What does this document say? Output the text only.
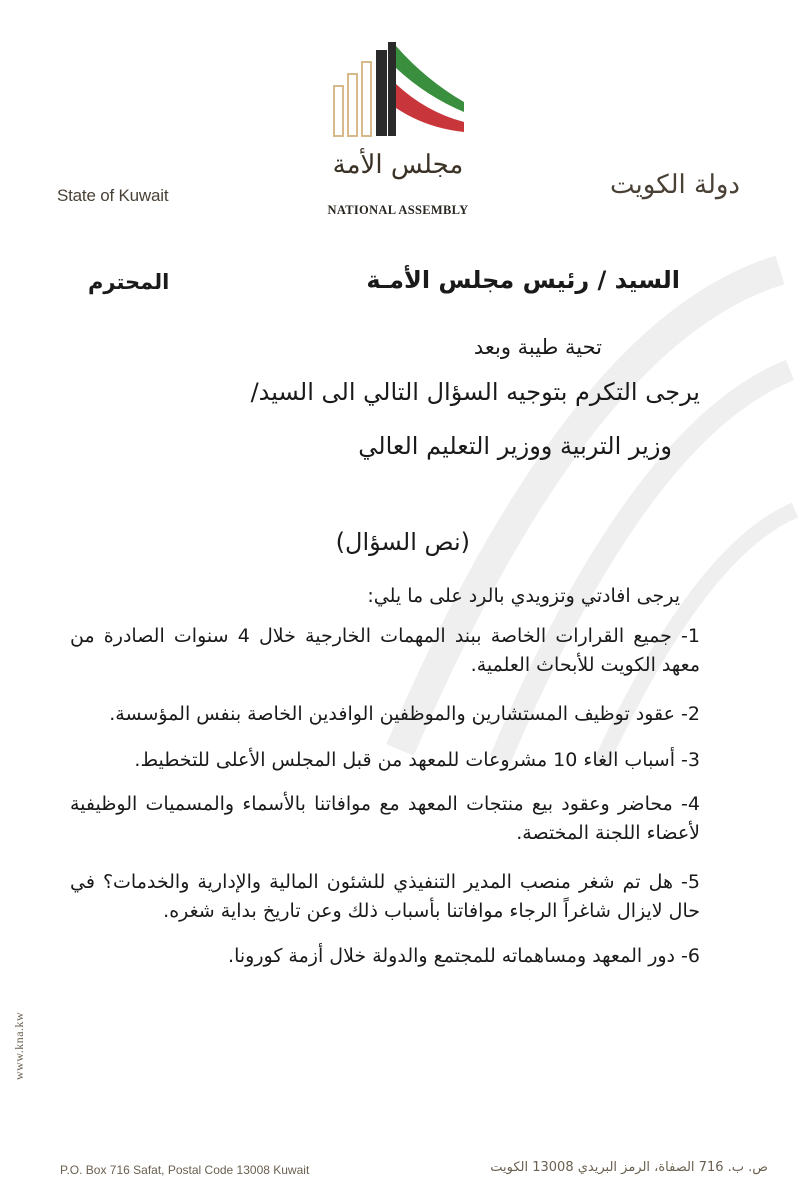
مجلس الأمة
NATIONAL ASSEMBLY
State of Kuwait	دولة الكويت
السيد / رئيس مجلس الأمـة
المحترم
تحية طيبة وبعد
يرجى التكرم بتوجيه السؤال التالي الى السيد/
وزير التربية ووزير التعليم العالي
(نص السؤال)
يرجى افادتي وتزويدي بالرد على ما يلي:
1- جميع القرارات الخاصة ببند المهمات الخارجية خلال 4 سنوات الصادرة من معهد الكويت للأبحاث العلمية.
2- عقود توظيف المستشارين والموظفين الوافدين الخاصة بنفس المؤسسة.
3- أسباب الغاء 10 مشروعات للمعهد من قبل المجلس الأعلى للتخطيط.
4- محاضر وعقود بيع منتجات المعهد مع موافاتنا بالأسماء والمسميات الوظيفية لأعضاء اللجنة المختصة.
5- هل تم شغر منصب المدير التنفيذي للشئون المالية والإدارية والخدمات؟ في حال لايزال شاغراً الرجاء موافاتنا بأسباب ذلك وعن تاريخ بداية شغره.
6- دور المعهد ومساهماته للمجتمع والدولة خلال أزمة كورونا.
www.kna.kw
P.O. Box 716 Safat, Postal Code 13008 Kuwait	ص. ب. 716 الصفاة، الرمز البريدي 13008 الكويت
